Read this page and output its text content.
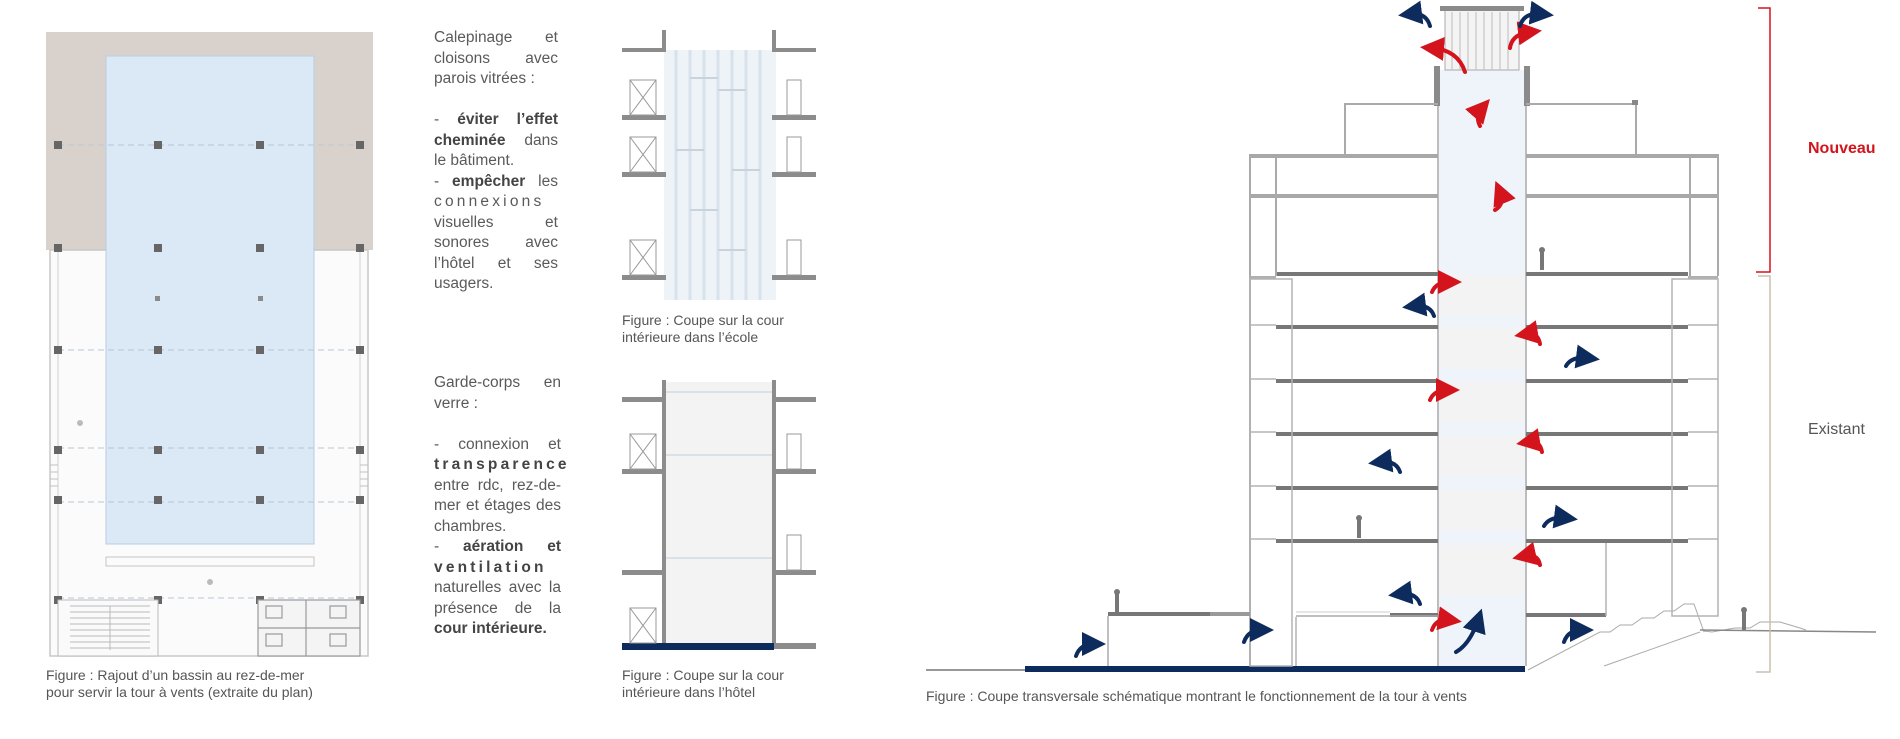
Figure : Rajout d’un bassin au rez-de-mer
pour servir la tour à vents (extraite du plan)

Calepinage et cloisons avec parois vitrées :

- éviter l’effet cheminée dans le bâtiment.

- empêcher les connexions visuelles et sonores avec l’hôtel et ses usagers.

Figure : Coupe sur la cour
intérieure dans l’école

Garde-corps en verre :

- connexion et transparence entre rdc, rez-de-mer et étages des chambres.

- aération et ventilation naturelles avec la présence de la cour intérieure.

Figure : Coupe sur la cour
intérieure dans l’hôtel
Nouveau
Existant
Figure : Coupe transversale schématique montrant le fonctionnement de la tour à vents
